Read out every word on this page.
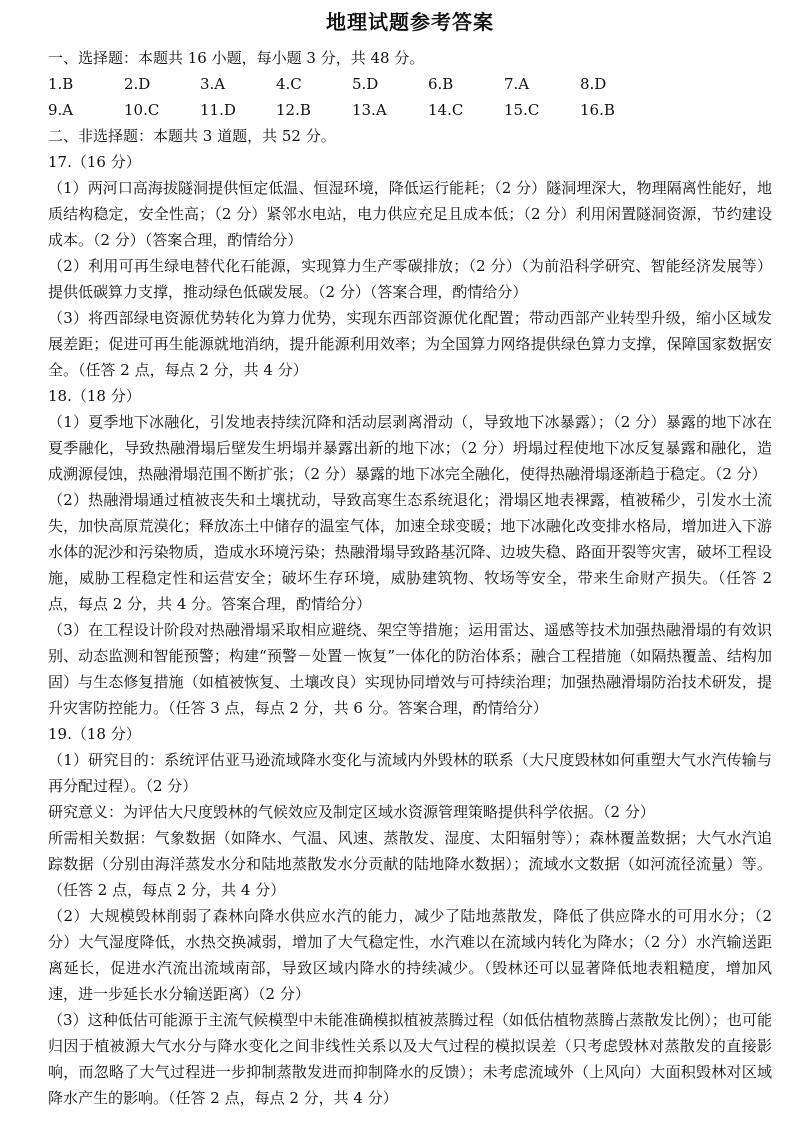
地理试题参考答案
一、选择题：本题共 16 小题，每小题 3 分，共 48 分。
1.B	2.D	3.A	4.C	5.D	6.B	7.A	8.D
9.A	10.C	11.D	12.B	13.A	14.C	15.C	16.B
二、非选择题：本题共 3 道题，共 52 分。
17.（16 分）

（1）两河口高海拔隧洞提供恒定低温、恒湿环境，降低运行能耗；（2 分）隧洞埋深大，物理隔离性能好，地质结构稳定，安全性高；（2 分）紧邻水电站，电力供应充足且成本低；（2 分）利用闲置隧洞资源，节约建设成本。（2 分）（答案合理，酌情给分）

（2）利用可再生绿电替代化石能源，实现算力生产零碳排放；（2 分）（为前沿科学研究、智能经济发展等）提供低碳算力支撑，推动绿色低碳发展。（2 分）（答案合理，酌情给分）

（3）将西部绿电资源优势转化为算力优势，实现东西部资源优化配置；带动西部产业转型升级，缩小区域发展差距；促进可再生能源就地消纳，提升能源利用效率；为全国算力网络提供绿色算力支撑，保障国家数据安全。（任答 2 点，每点 2 分，共 4 分）

18.（18 分）

（1）夏季地下冰融化，引发地表持续沉降和活动层剥离滑动（，导致地下冰暴露）；（2 分）暴露的地下冰在夏季融化，导致热融滑塌后壁发生坍塌并暴露出新的地下冰；（2 分）坍塌过程使地下冰反复暴露和融化，造成溯源侵蚀，热融滑塌范围不断扩张；（2 分）暴露的地下冰完全融化，使得热融滑塌逐渐趋于稳定。（2 分）

（2）热融滑塌通过植被丧失和土壤扰动，导致高寒生态系统退化；滑塌区地表裸露，植被稀少，引发水土流失，加快高原荒漠化；释放冻土中储存的温室气体，加速全球变暖；地下冰融化改变排水格局，增加进入下游水体的泥沙和污染物质，造成水环境污染；热融滑塌导致路基沉降、边坡失稳、路面开裂等灾害，破坏工程设施，威胁工程稳定性和运营安全；破坏生存环境，威胁建筑物、牧场等安全，带来生命财产损失。（任答 2 点，每点 2 分，共 4 分。答案合理，酌情给分）

（3）在工程设计阶段对热融滑塌采取相应避绕、架空等措施；运用雷达、遥感等技术加强热融滑塌的有效识别、动态监测和智能预警；构建“预警－处置－恢复”一体化的防治体系；融合工程措施（如隔热覆盖、结构加固）与生态修复措施（如植被恢复、土壤改良）实现协同增效与可持续治理；加强热融滑塌防治技术研发，提升灾害防控能力。（任答 3 点，每点 2 分，共 6 分。答案合理，酌情给分）

19.（18 分）

（1）研究目的：系统评估亚马逊流域降水变化与流域内外毁林的联系（大尺度毁林如何重塑大气水汽传输与再分配过程）。（2 分）

研究意义：为评估大尺度毁林的气候效应及制定区域水资源管理策略提供科学依据。（2 分）

所需相关数据：气象数据（如降水、气温、风速、蒸散发、湿度、太阳辐射等）；森林覆盖数据；大气水汽追踪数据（分别由海洋蒸发水分和陆地蒸散发水分贡献的陆地降水数据）；流域水文数据（如河流径流量）等。（任答 2 点，每点 2 分，共 4 分）

（2）大规模毁林削弱了森林向降水供应水汽的能力，减少了陆地蒸散发，降低了供应降水的可用水分；（2 分）大气湿度降低，水热交换减弱，增加了大气稳定性，水汽难以在流域内转化为降水；（2 分）水汽输送距离延长，促进水汽流出流域南部，导致区域内降水的持续减少。（毁林还可以显著降低地表粗糙度，增加风速，进一步延长水分输送距离）（2 分）

（3）这种低估可能源于主流气候模型中未能准确模拟植被蒸腾过程（如低估植物蒸腾占蒸散发比例）；也可能归因于植被源大气水分与降水变化之间非线性关系以及大气过程的模拟误差（只考虑毁林对蒸散发的直接影响，而忽略了大气过程进一步抑制蒸散发进而抑制降水的反馈）；未考虑流域外（上风向）大面积毁林对区域降水产生的影响。（任答 2 点，每点 2 分，共 4 分）
